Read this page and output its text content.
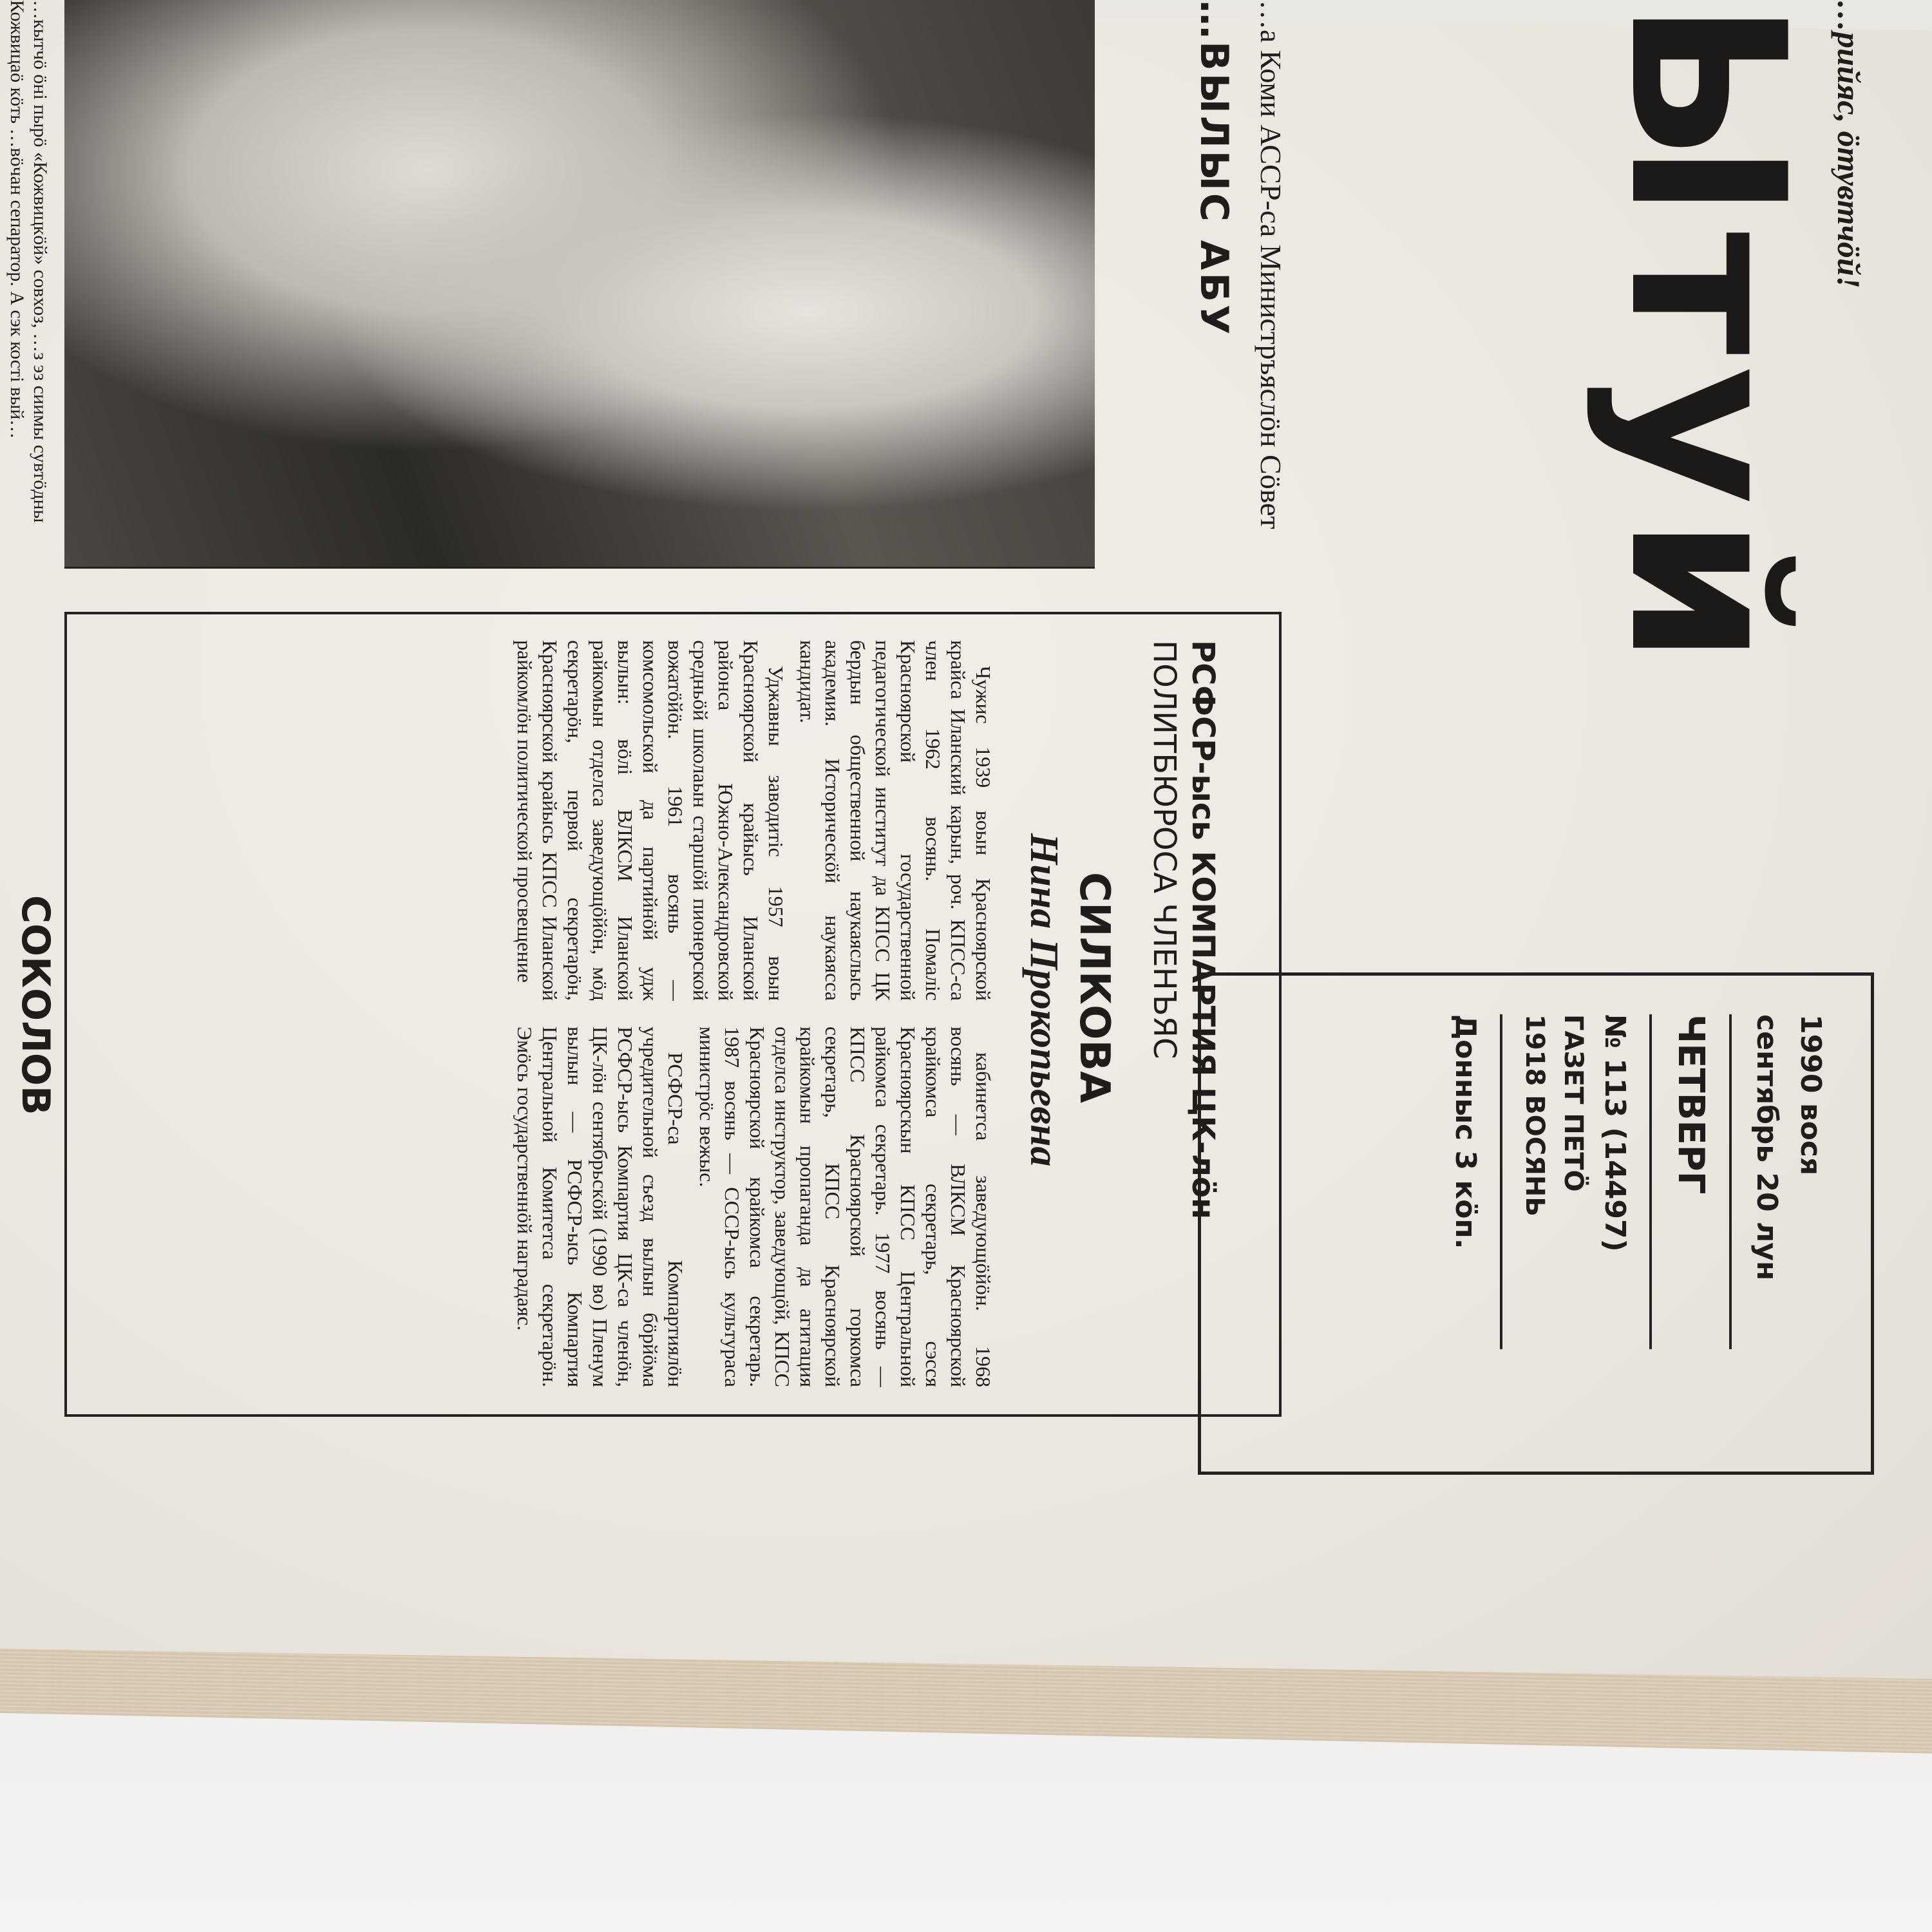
…рийяс, ӧтувтчӧй!
Ытуй
…а Коми АССР-са Министръяслӧн Сӧвет
1990 вося
сентябрь 20 лун
ЧЕТВЕРГ
№ 113 (14497)
ГАЗЕТ ПЕТӦ
1918 ВОСЯНЬ
Донныс 3 кӧп.
…ВЫЛЫС АБУ
РСФСР-ысь КОМПАРТИЯ ЦК-лӧн
ПОЛИТБЮРОСА ЧЛЕНЪЯС
СИЛКОВА
Нина Прокопьевна

Чужис 1939 воын Красноярской крайса Иланский карын, роч. КПСС-са член 1962 восянь. Помаліс Красноярской государственной педагогической институт да КПСС ЦК бердын общественной наукаяслысь академия. Историческӧй наукаясса кандидат.

Уджавны заводитіс 1957 воын Красноярской крайысь Иланской районса Южно-Александровской средньӧй школаын старшӧй пионерской вожатӧйӧн. 1961 восянь — комсомольской да партийнӧй удж вылын: вӧлі ВЛКСМ Иланской райкомын отделса заведующӧйӧн, мӧд секретарӧн, первой секретарӧн, Красноярской крайысь КПСС Иланской райкомлӧн политической просвещение

кабинетса заведующӧйӧн. 1968 восянь — ВЛКСМ Красноярской крайкомса секретарь, сэсся Красноярскын КПСС Центральной райкомса секретарь. 1977 восянь — КПСС Красноярской горкомса секретарь, КПСС Красноярской крайкомын пропаганда да агитация отделса инструктор, заведующӧй, КПСС Красноярской крайкомса секретарь. 1987 восянь — СССР-ысь культураса министрӧс вежыс.

РСФСР-са Компартиялӧн учредительной съезд вылын бӧрйӧма РСФСР-ысь Компартия ЦК-са членӧн, ЦК-лӧн сентябрьскӧй (1990 во) Пленум вылын — РСФСР-ысь Компартия Центральной Комитетса секретарӧн. Эмӧсь государственнӧй наградаяс.

…кытчӧ ӧні пырӧ «Кожвицкӧй» совхоз, …з эз сиимы сувтӧдны Кожвицаӧ кӧть …вӧчан сепаратор. А сэк костi вый…
СОКОЛОВ
